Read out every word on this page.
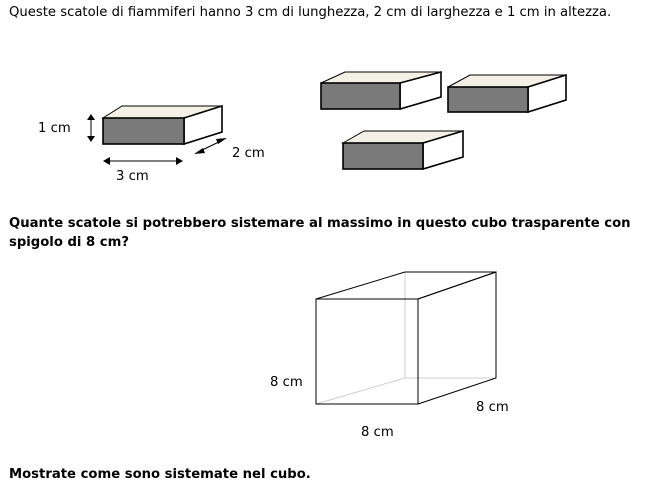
Queste scatole di fiammiferi hanno 3 cm di lunghezza, 2 cm di larghezza e 1 cm in altezza.
1 cm
2 cm
3 cm
Quante scatole si potrebbero sistemare al massimo in questo cubo trasparente con spigolo di 8 cm?
8 cm
8 cm
8 cm
Mostrate come sono sistemate nel cubo.
